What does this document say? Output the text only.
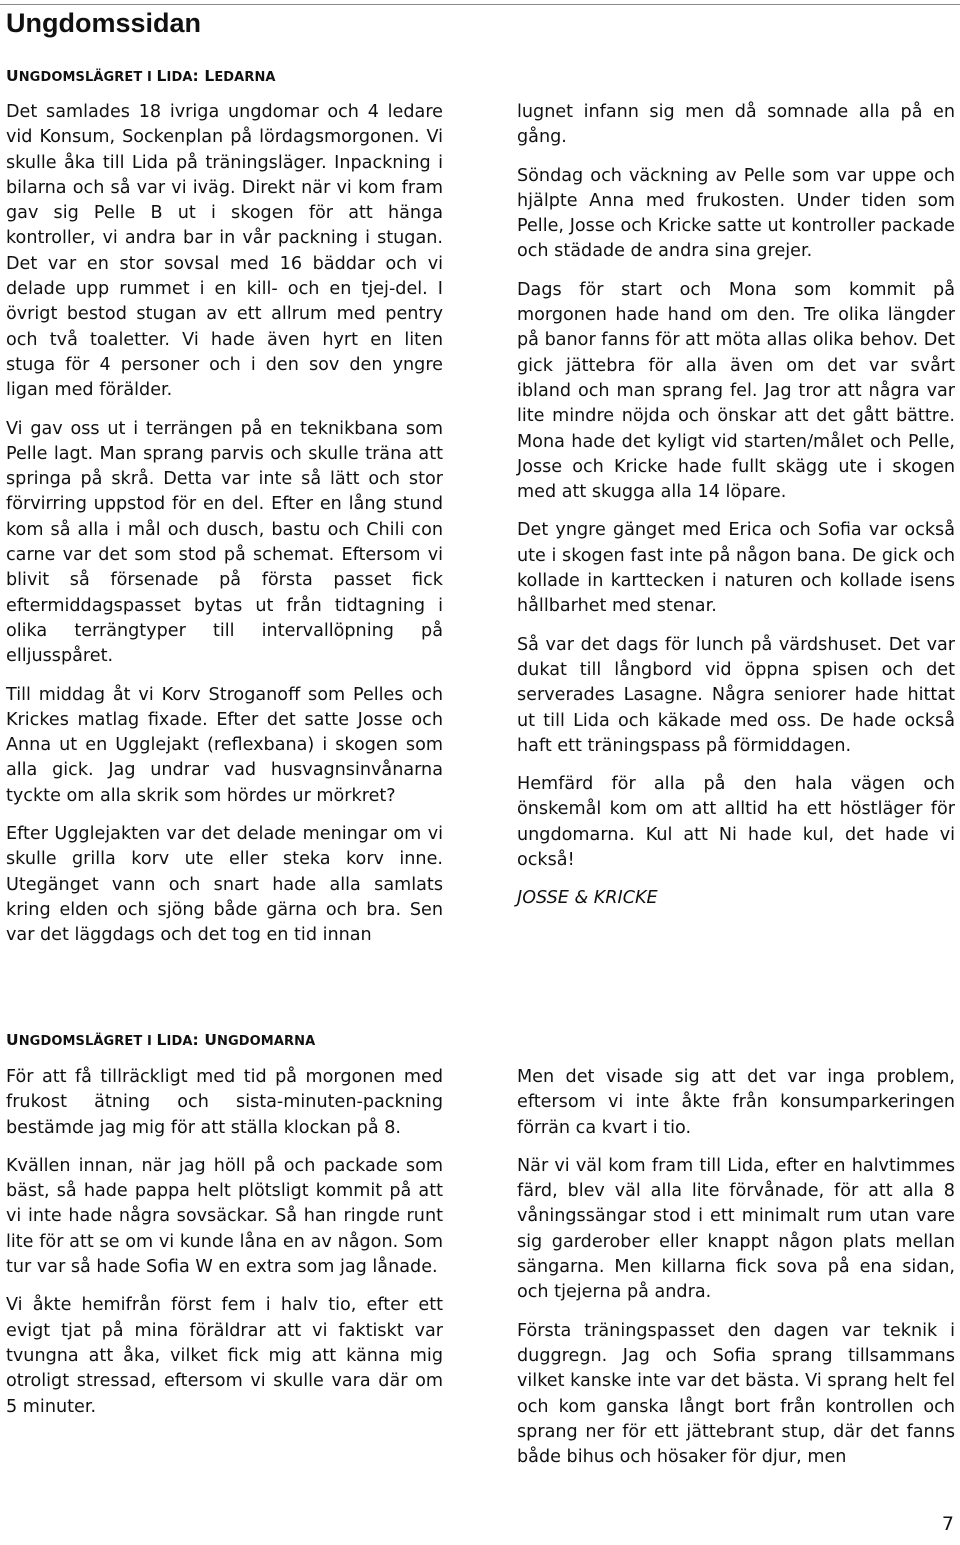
Ungdomssidan
UNGDOMSLÄGRET I LIDA: LEDARNA

Det samlades 18 ivriga ungdomar och 4 ledare vid Konsum, Sockenplan på lördagsmorgonen. Vi skulle åka till Lida på träningsläger. Inpackning i bilarna och så var vi iväg. Direkt när vi kom fram gav sig Pelle B ut i skogen för att hänga kontroller, vi andra bar in vår packning i stugan. Det var en stor sovsal med 16 bäddar och vi delade upp rummet i en kill- och en tjej-del. I övrigt bestod stugan av ett allrum med pentry och två toaletter. Vi hade även hyrt en liten stuga för 4 personer och i den sov den yngre ligan med förälder.

Vi gav oss ut i terrängen på en teknikbana som Pelle lagt. Man sprang parvis och skulle träna att springa på skrå. Detta var inte så lätt och stor förvirring uppstod för en del. Efter en lång stund kom så alla i mål och dusch, bastu och Chili con carne var det som stod på schemat. Eftersom vi blivit så försenade på första passet fick eftermiddagspasset bytas ut från tidtagning i olika terrängtyper till intervallöpning på elljusspåret.

Till middag åt vi Korv Stroganoff som Pelles och Krickes matlag fixade. Efter det satte Josse och Anna ut en Ugglejakt (reflexbana) i skogen som alla gick. Jag undrar vad husvagnsinvånarna tyckte om alla skrik som hördes ur mörkret?

Efter Ugglejakten var det delade meningar om vi skulle grilla korv ute eller steka korv inne. Utegänget vann och snart hade alla samlats kring elden och sjöng både gärna och bra. Sen var det läggdags och det tog en tid innan

lugnet infann sig men då somnade alla på en gång.

Söndag och väckning av Pelle som var uppe och hjälpte Anna med frukosten. Under tiden som Pelle, Josse och Kricke satte ut kontroller packade och städade de andra sina grejer.

Dags för start och Mona som kommit på morgonen hade hand om den. Tre olika längder på banor fanns för att möta allas olika behov. Det gick jättebra för alla även om det var svårt ibland och man sprang fel. Jag tror att några var lite mindre nöjda och önskar att det gått bättre. Mona hade det kyligt vid starten/målet och Pelle, Josse och Kricke hade fullt skägg ute i skogen med att skugga alla 14 löpare.

Det yngre gänget med Erica och Sofia var också ute i skogen fast inte på någon bana. De gick och kollade in karttecken i naturen och kollade isens hållbarhet med stenar.

Så var det dags för lunch på värdshuset. Det var dukat till långbord vid öppna spisen och det serverades Lasagne. Några seniorer hade hittat ut till Lida och käkade med oss. De hade också haft ett träningspass på förmiddagen.

Hemfärd för alla på den hala vägen och önskemål kom om att alltid ha ett höstläger för ungdomarna. Kul att Ni hade kul, det hade vi också!

JOSSE & KRICKE

UNGDOMSLÄGRET I LIDA: UNGDOMARNA

För att få tillräckligt med tid på morgonen med frukost ätning och sista-minuten-packning bestämde jag mig för att ställa klockan på 8.

Kvällen innan, när jag höll på och packade som bäst, så hade pappa helt plötsligt kommit på att vi inte hade några sovsäckar. Så han ringde runt lite för att se om vi kunde låna en av någon. Som tur var så hade Sofia W en extra som jag lånade.

Vi åkte hemifrån först fem i halv tio, efter ett evigt tjat på mina föräldrar att vi faktiskt var tvungna att åka, vilket fick mig att känna mig otroligt stressad, eftersom vi skulle vara där om 5 minuter.

Men det visade sig att det var inga problem, eftersom vi inte åkte från konsumparkeringen förrän ca kvart i tio.

När vi väl kom fram till Lida, efter en halvtimmes färd, blev väl alla lite förvånade, för att alla 8 våningssängar stod i ett minimalt rum utan vare sig garderober eller knappt någon plats mellan sängarna. Men killarna fick sova på ena sidan, och tjejerna på andra.

Första träningspasset den dagen var teknik i duggregn. Jag och Sofia sprang tillsammans vilket kanske inte var det bästa. Vi sprang helt fel och kom ganska långt bort från kontrollen och sprang ner för ett jättebrant stup, där det fanns både bihus och hösaker för djur, men

7
